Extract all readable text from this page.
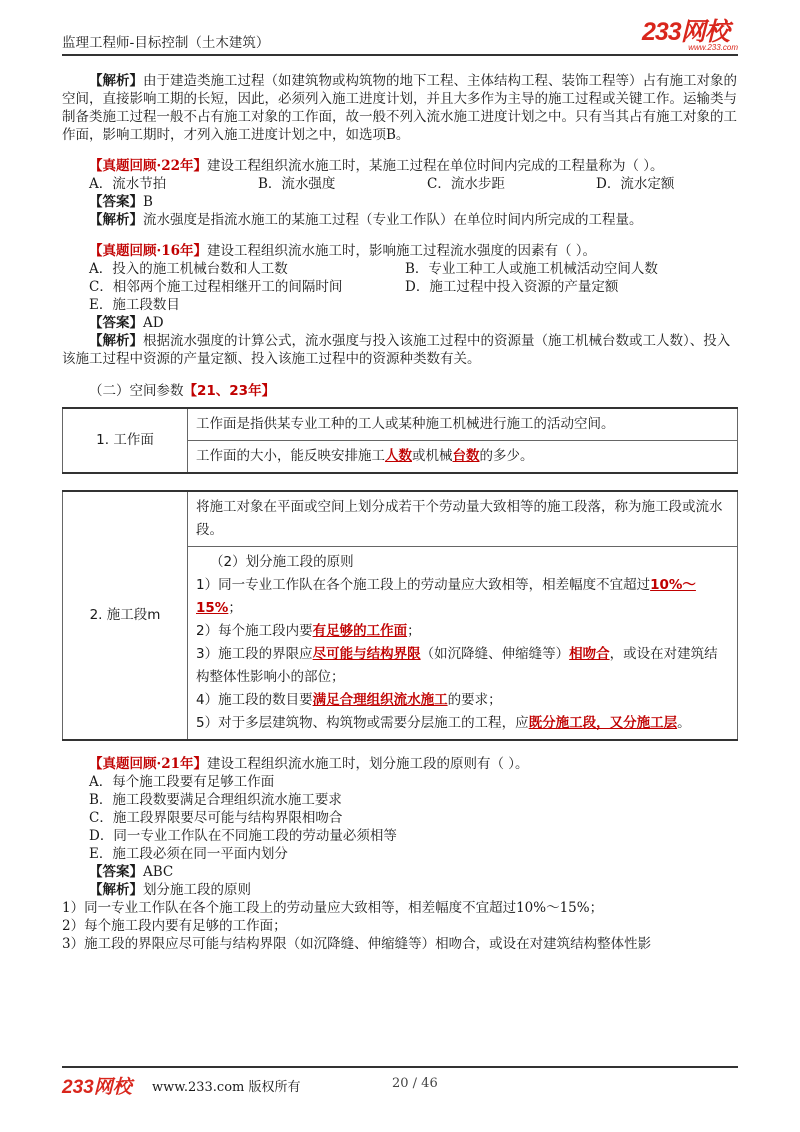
监理工程师-目标控制（土木建筑）	233网校
www.233.com

【解析】由于建造类施工过程（如建筑物或构筑物的地下工程、主体结构工程、装饰工程等）占有施工对象的空间，直接影响工期的长短，因此，必须列入施工进度计划，并且大多作为主导的施工过程或关键工作。运输类与制备类施工过程一般不占有施工对象的工作面，故一般不列入流水施工进度计划之中。只有当其占有施工对象的工作面，影响工期时，才列入施工进度计划之中，如选项B。

【真题回顾·22年】建设工程组织流水施工时，某施工过程在单位时间内完成的工程量称为（ ）。

A．流水节拍	B．流水强度	C．流水步距	D．流水定额

【答案】B

【解析】流水强度是指流水施工的某施工过程（专业工作队）在单位时间内所完成的工程量。

【真题回顾·16年】建设工程组织流水施工时，影响施工过程流水强度的因素有（ ）。

A．投入的施工机械台数和人工数	B．专业工种工人或施工机械活动空间人数
C．相邻两个施工过程相继开工的间隔时间	D．施工过程中投入资源的产量定额

E．施工段数目

【答案】AD

【解析】根据流水强度的计算公式，流水强度与投入该施工过程中的资源量（施工机械台数或工人数）、投入该施工过程中资源的产量定额、投入该施工过程中的资源种类数有关。

（二）空间参数【21、23年】
1. 工作面	工作面是指供某专业工种的工人或某种施工机械进行施工的活动空间。
工作面的大小，能反映安排施工人数或机械台数的多少。
2. 施工段m	将施工对象在平面或空间上划分成若干个劳动量大致相等的施工段落，称为施工段或流水段。

（2）划分施工段的原则
1）同一专业工作队在各个施工段上的劳动量应大致相等，相差幅度不宜超过10%～15%；
2）每个施工段内要有足够的工作面；
3）施工段的界限应尽可能与结构界限（如沉降缝、伸缩缝等）相吻合，或设在对建筑结构整体性影响小的部位；
4）施工段的数目要满足合理组织流水施工的要求；
5）对于多层建筑物、构筑物或需要分层施工的工程，应既分施工段，又分施工层。

【真题回顾·21年】建设工程组织流水施工时，划分施工段的原则有（ ）。

A．每个施工段要有足够工作面

B．施工段数要满足合理组织流水施工要求

C．施工段界限要尽可能与结构界限相吻合

D．同一专业工作队在不同施工段的劳动量必须相等

E．施工段必须在同一平面内划分

【答案】ABC

【解析】划分施工段的原则

1）同一专业工作队在各个施工段上的劳动量应大致相等，相差幅度不宜超过10%～15%；

2）每个施工段内要有足够的工作面；

3）施工段的界限应尽可能与结构界限（如沉降缝、伸缩缝等）相吻合，或设在对建筑结构整体性影

233网校 www.233.com 版权所有	20 / 46
